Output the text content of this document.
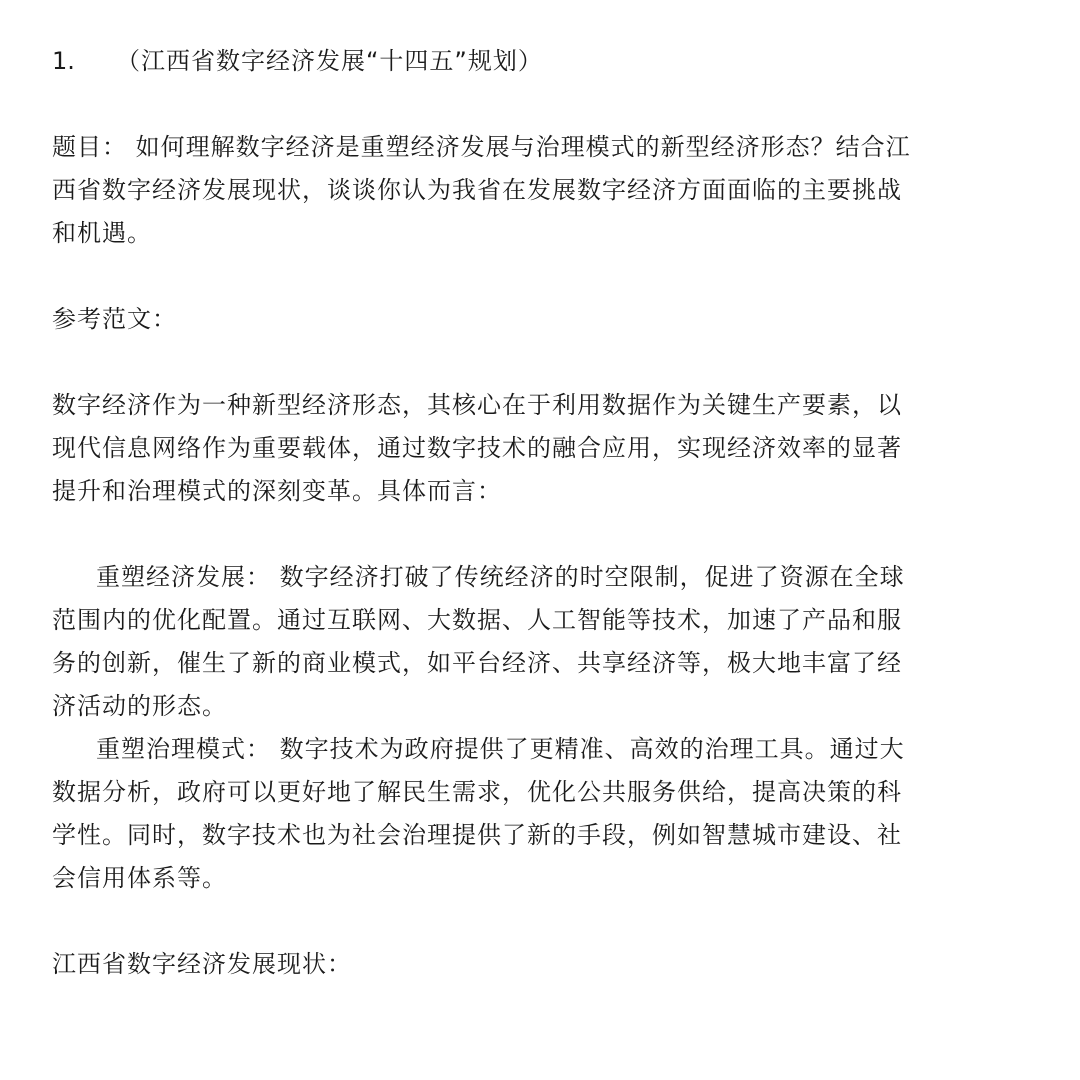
1.	（江西省数字经济发展“十四五”规划）
题目： 如何理解数字经济是重塑经济发展与治理模式的新型经济形态？结合江
西省数字经济发展现状，谈谈你认为我省在发展数字经济方面面临的主要挑战
和机遇。
参考范文：
数字经济作为一种新型经济形态，其核心在于利用数据作为关键生产要素，以
现代信息网络作为重要载体，通过数字技术的融合应用，实现经济效率的显著
提升和治理模式的深刻变革。具体而言：
重塑经济发展： 数字经济打破了传统经济的时空限制，促进了资源在全球
范围内的优化配置。通过互联网、大数据、人工智能等技术，加速了产品和服
务的创新，催生了新的商业模式，如平台经济、共享经济等，极大地丰富了经
济活动的形态。
重塑治理模式： 数字技术为政府提供了更精准、高效的治理工具。通过大
数据分析，政府可以更好地了解民生需求，优化公共服务供给，提高决策的科
学性。同时，数字技术也为社会治理提供了新的手段，例如智慧城市建设、社
会信用体系等。
江西省数字经济发展现状：
